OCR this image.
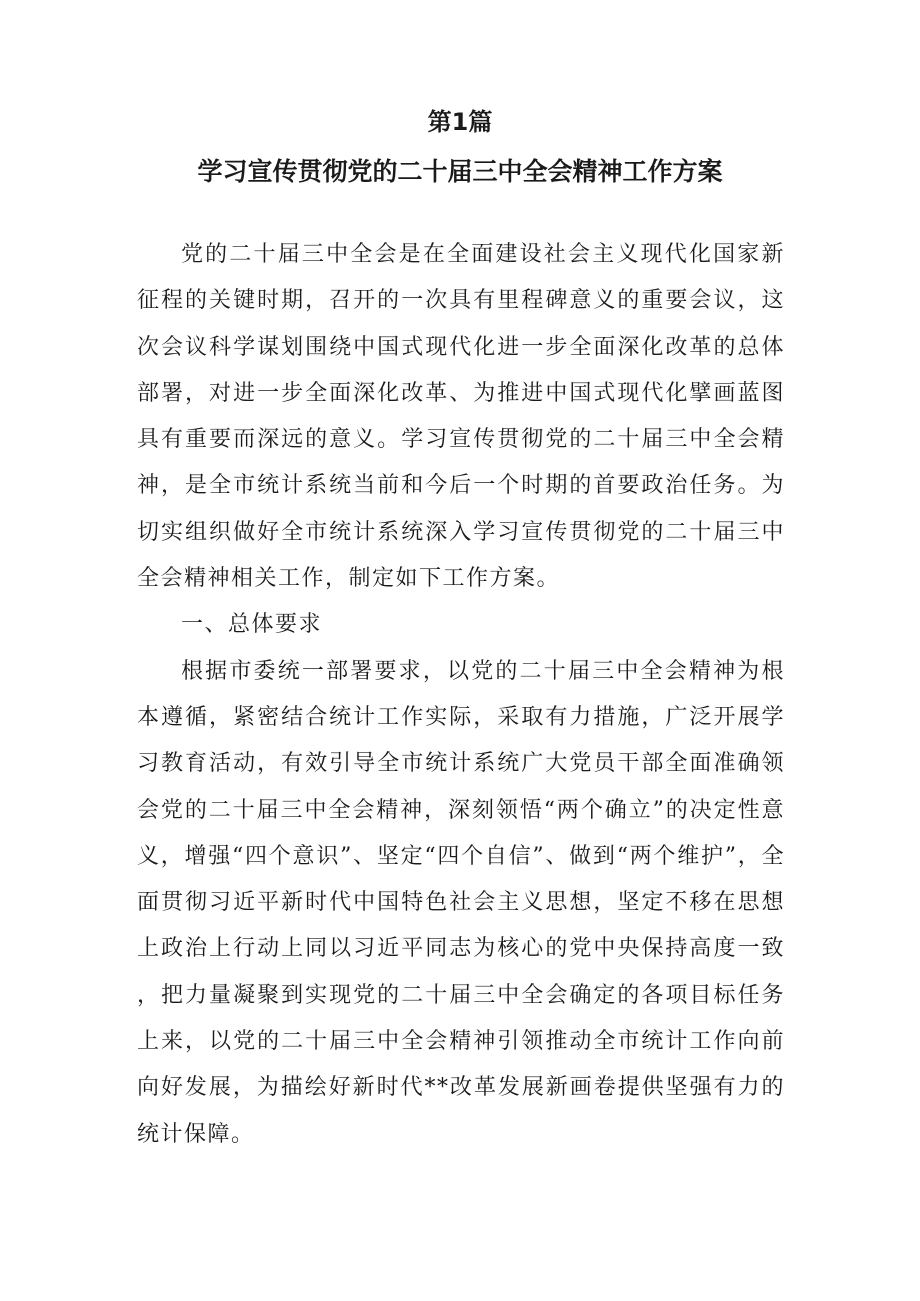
第1篇
学习宣传贯彻党的二十届三中全会精神工作方案

党的二十届三中全会是在全面建设社会主义现代化国家新征程的关键时期，召开的一次具有里程碑意义的重要会议，这次会议科学谋划围绕中国式现代化进一步全面深化改革的总体部署，对进一步全面深化改革、为推进中国式现代化擘画蓝图具有重要而深远的意义。学习宣传贯彻党的二十届三中全会精神，是全市统计系统当前和今后一个时期的首要政治任务。为切实组织做好全市统计系统深入学习宣传贯彻党的二十届三中全会精神相关工作，制定如下工作方案。

一、总体要求

根据市委统一部署要求，以党的二十届三中全会精神为根本遵循，紧密结合统计工作实际，采取有力措施，广泛开展学习教育活动，有效引导全市统计系统广大党员干部全面准确领会党的二十届三中全会精神，深刻领悟“两个确立”的决定性意义，增强“四个意识”、坚定“四个自信”、做到“两个维护”，全面贯彻习近平新时代中国特色社会主义思想，坚定不移在思想上政治上行动上同以习近平同志为核心的党中央保持高度一致，把力量凝聚到实现党的二十届三中全会确定的各项目标任务上来，以党的二十届三中全会精神引领推动全市统计工作向前向好发展，为描绘好新时代**改革发展新画卷提供坚强有力的统计保障。
